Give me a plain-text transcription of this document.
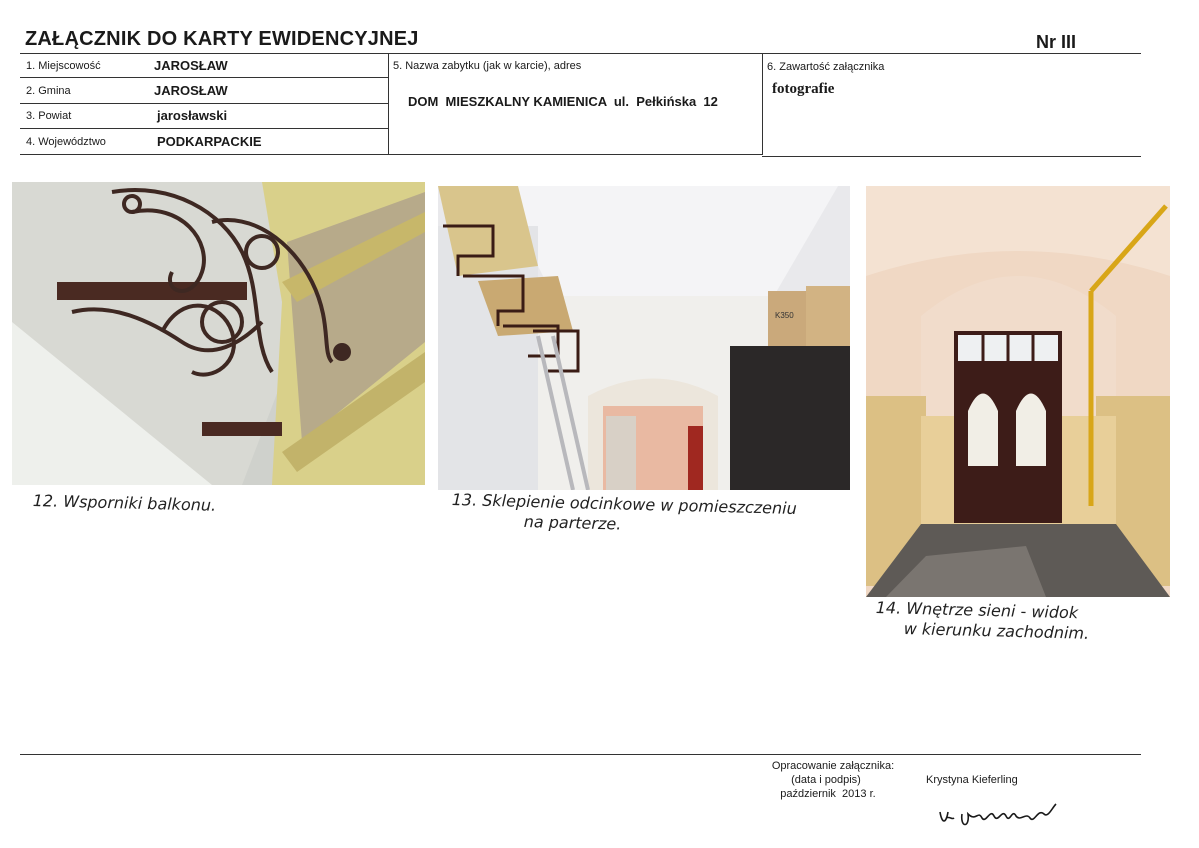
ZAŁĄCZNIK DO KARTY EWIDENCYJNEJ	Nr III
1. Miejscowość	JAROSŁAW
2. Gmina	JAROSŁAW
3. Powiat	jarosławski
4. Województwo	PODKARPACKIE
5. Nazwa zabytku (jak w karcie), adres
DOM  MIESZKALNY KAMIENICA  ul.  Pełkińska  12
6. Zawartość załącznika
fotografie
12. Wsporniki balkonu.
K350
13. Sklepienie odcinkowe w pomieszczeniu
na parterze.
14. Wnętrze sieni - widok
w kierunku zachodnim.
Opracowanie załącznika:
(data i podpis)
październik  2013 r.
Krystyna Kieferling
